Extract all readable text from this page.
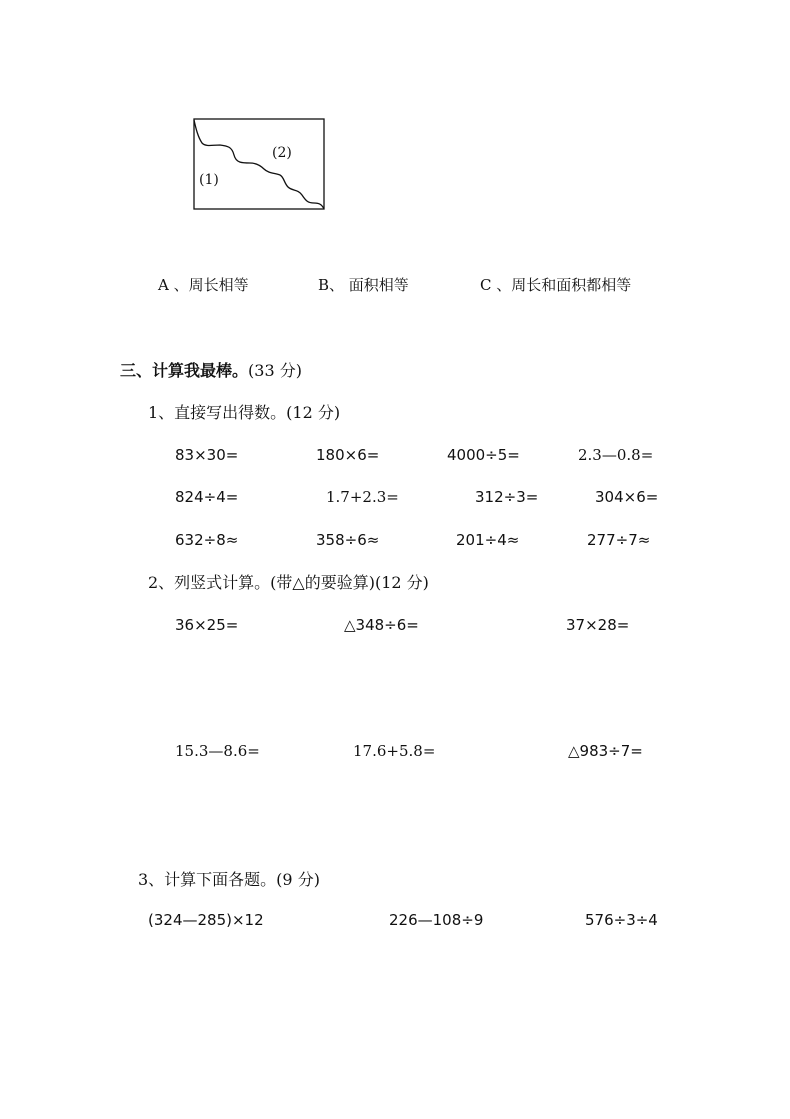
(1)
(2)
A 、周长相等	B、 面积相等	C 、周长和面积都相等
三、计算我最棒。(33 分)
1、直接写出得数。(12 分)
83×30=	180×6=	4000÷5=	2.3—0.8=
824÷4=	1.7+2.3=	312÷3=	304×6=
632÷8≈	358÷6≈	201÷4≈	277÷7≈
2、列竖式计算。(带△的要验算)(12 分)
36×25=	△348÷6=	37×28=
15.3—8.6=	17.6+5.8=	△983÷7=
3、计算下面各题。(9 分)
(324—285)×12	226—108÷9	576÷3÷4
